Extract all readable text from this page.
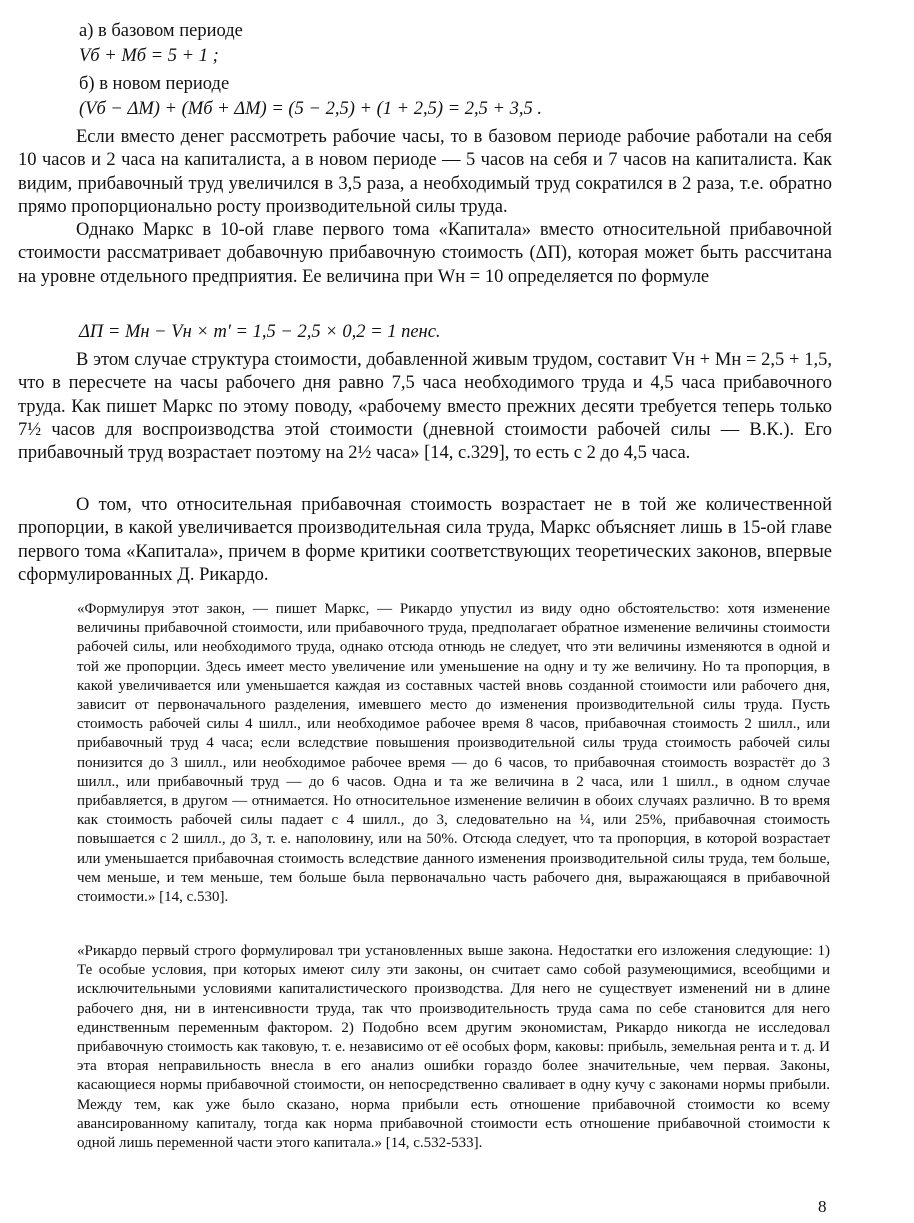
а) в базовом периоде
Vб + Mб = 5 + 1 ;
б) в новом периоде
(Vб − ΔM) + (Mб + ΔM) = (5 − 2,5) + (1 + 2,5) = 2,5 + 3,5 .
Если вместо денег рассмотреть рабочие часы, то в базовом периоде рабочие работали на себя 10 часов и 2 часа на капиталиста, а в новом периоде — 5 часов на себя и 7 часов на капиталиста. Как видим, прибавочный труд увеличился в 3,5 раза, а необходимый труд сократился в 2 раза, т.е. обратно прямо пропорционально росту производительной силы труда.
Однако Маркс в 10-ой главе первого тома «Капитала» вместо относительной прибавочной стоимости рассматривает добавочную прибавочную стоимость (ΔП), которая может быть рассчитана на уровне отдельного предприятия. Ее величина при Wн = 10 определяется по формуле
ΔП = Mн − Vн × m′ = 1,5 − 2,5 × 0,2 = 1 пенс.
В этом случае структура стоимости, добавленной живым трудом, составит Vн + Mн = 2,5 + 1,5, что в пересчете на часы рабочего дня равно 7,5 часа необходимого труда и 4,5 часа прибавочного труда. Как пишет Маркс по этому поводу, «рабочему вместо прежних десяти требуется теперь только 7½ часов для воспроизводства этой стоимости (дневной стоимости рабочей силы — В.К.). Его прибавочный труд возрастает поэтому на 2½ часа» [14, с.329], то есть с 2 до 4,5 часа.
О том, что относительная прибавочная стоимость возрастает не в той же количественной пропорции, в какой увеличивается производительная сила труда, Маркс объясняет лишь в 15-ой главе первого тома «Капитала», причем в форме критики соответствующих теоретических законов, впервые сформулированных Д. Рикардо.
«Формулируя этот закон, — пишет Маркс, — Рикардо упустил из виду одно обстоятельство: хотя изменение величины прибавочной стоимости, или прибавочного труда, предполагает обратное изменение величины стоимости рабочей силы, или необходимого труда, однако отсюда отнюдь не следует, что эти величины изменяются в одной и той же пропорции. Здесь имеет место увеличение или уменьшение на одну и ту же величину. Но та пропорция, в какой увеличивается или уменьшается каждая из составных частей вновь созданной стоимости или рабочего дня, зависит от первоначального разделения, имевшего место до изменения производительной силы труда. Пусть стоимость рабочей силы 4 шилл., или необходимое рабочее время 8 часов, прибавочная стоимость 2 шилл., или прибавочный труд 4 часа; если вследствие повышения производительной силы труда стоимость рабочей силы понизится до 3 шилл., или необходимое рабочее время — до 6 часов, то прибавочная стоимость возрастёт до 3 шилл., или прибавочный труд — до 6 часов. Одна и та же величина в 2 часа, или 1 шилл., в одном случае прибавляется, в другом — отнимается. Но относительное изменение величин в обоих случаях различно. В то время как стоимость рабочей силы падает с 4 шилл., до 3, следовательно на ¼, или 25%, прибавочная стоимость повышается с 2 шилл., до 3, т. е. наполовину, или на 50%. Отсюда следует, что та пропорция, в которой возрастает или уменьшается прибавочная стоимость вследствие данного изменения производительной силы труда, тем больше, чем меньше, и тем меньше, тем больше была первоначально часть рабочего дня, выражающаяся в прибавочной стоимости.» [14, с.530].
«Рикардо первый строго формулировал три установленных выше закона. Недостатки его изложения следующие: 1) Те особые условия, при которых имеют силу эти законы, он считает само собой разумеющимися, всеобщими и исключительными условиями капиталистического производства. Для него не существует изменений ни в длине рабочего дня, ни в интенсивности труда, так что производительность труда сама по себе становится для него единственным переменным фактором. 2) Подобно всем другим экономистам, Рикардо никогда не исследовал прибавочную стоимость как таковую, т. е. независимо от её особых форм, каковы: прибыль, земельная рента и т. д. И эта вторая неправильность внесла в его анализ ошибки гораздо более значительные, чем первая. Законы, касающиеся нормы прибавочной стоимости, он непосредственно сваливает в одну кучу с законами нормы прибыли. Между тем, как уже было сказано, норма прибыли есть отношение прибавочной стоимости ко всему авансированному капиталу, тогда как норма прибавочной стоимости есть отношение прибавочной стоимости к одной лишь переменной части этого капитала.» [14, с.532-533].
8
